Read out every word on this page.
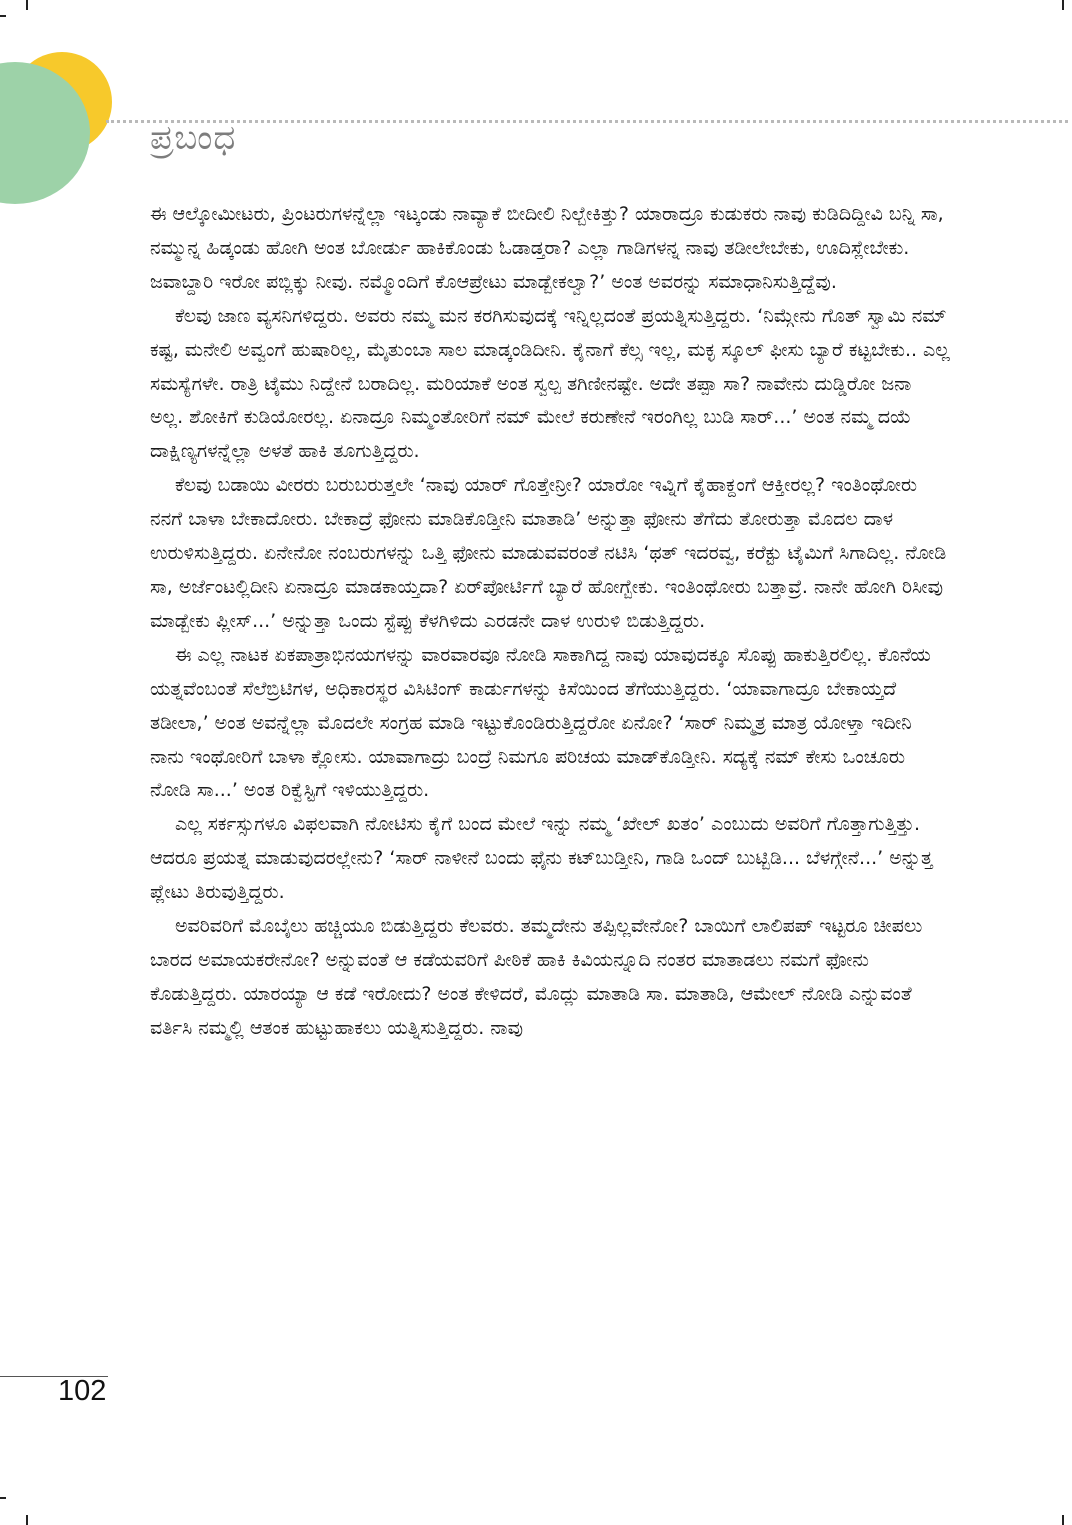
ಪ್ರಬಂಧ

ಈ ಆಲ್ಕೋಮೀಟರು, ಪ್ರಿಂಟರುಗಳನ್ನೆಲ್ಲಾ ಇಟ್ಕಂಡು ನಾವ್ಯಾಕೆ ಬೀದೀಲಿ ನಿಲ್ಬೇಕಿತ್ತು? ಯಾರಾದ್ರೂ ಕುಡುಕರು ನಾವು ಕುಡಿದಿದ್ದೀವಿ ಬನ್ನಿ ಸಾ, ನಮ್ಮುನ್ನ ಹಿಡ್ಕಂಡು ಹೋಗಿ ಅಂತ ಬೋರ್ಡು ಹಾಕಿಕೊಂಡು ಓಡಾಡ್ತರಾ? ಎಲ್ಲಾ ಗಾಡಿಗಳನ್ನ ನಾವು ತಡೀಲೇಬೇಕು, ಊದಿಸ್ಲೇಬೇಕು. ಜವಾಬ್ದಾರಿ ಇರೋ ಪಬ್ಲಿಕ್ಕು ನೀವು. ನಮ್ಮೊಂದಿಗೆ ಕೊಆಪ್ರೇಟು ಮಾಡ್ಬೇಕಲ್ವಾ?’ ಅಂತ ಅವರನ್ನು ಸಮಾಧಾನಿಸುತ್ತಿದ್ದೆವು.

ಕೆಲವು ಜಾಣ ವ್ಯಸನಿಗಳಿದ್ದರು. ಅವರು ನಮ್ಮ ಮನ ಕರಗಿಸುವುದಕ್ಕೆ ಇನ್ನಿಲ್ಲದಂತೆ ಪ್ರಯತ್ನಿಸುತ್ತಿದ್ದರು. ‘ನಿಮ್ಗೇನು ಗೊತ್ ಸ್ವಾಮಿ ನಮ್ ಕಷ್ಟ, ಮನೇಲಿ ಅವ್ವಂಗೆ ಹುಷಾರಿಲ್ಲ, ಮೈತುಂಬಾ ಸಾಲ ಮಾಡ್ಕಂಡಿದೀನಿ. ಕೈನಾಗೆ ಕೆಲ್ಸ ಇಲ್ಲ, ಮಕ್ಳ ಸ್ಕೂಲ್ ಫೀಸು ಬ್ಯಾರೆ ಕಟ್ಟಬೇಕು.. ಎಲ್ಲ ಸಮಸ್ಯೆಗಳೇ. ರಾತ್ರಿ ಟೈಮು ನಿದ್ದೇನೆ ಬರಾದಿಲ್ಲ. ಮರಿಯಾಕೆ ಅಂತ ಸ್ವಲ್ಪ ತಗಿಣೀನಷ್ಟೇ. ಅದೇ ತಪ್ಪಾ ಸಾ? ನಾವೇನು ದುಡ್ಡಿರೋ ಜನಾ ಅಲ್ಲ. ಶೋಕಿಗೆ ಕುಡಿಯೋರಲ್ಲ. ಏನಾದ್ರೂ ನಿಮ್ಮಂತೋರಿಗೆ ನಮ್ ಮೇಲೆ ಕರುಣೇನೆ ಇರಂಗಿಲ್ಲ ಬುಡಿ ಸಾರ್...’ ಅಂತ ನಮ್ಮ ದಯೆ ದಾಕ್ಷಿಣ್ಯಗಳನ್ನೆಲ್ಲಾ ಅಳತೆ ಹಾಕಿ ತೂಗುತ್ತಿದ್ದರು.

ಕೆಲವು ಬಡಾಯಿ ವೀರರು ಬರುಬರುತ್ತಲೇ ‘ನಾವು ಯಾರ್ ಗೊತ್ತೇನ್ರೀ? ಯಾರೋ ಇವ್ನಿಗೆ ಕೈಹಾಕ್ದಂಗೆ ಆಕ್ತೀರಲ್ಲ? ಇಂತಿಂಥೋರು ನನಗೆ ಬಾಳಾ ಬೇಕಾದೋರು. ಬೇಕಾದ್ರೆ ಫೋನು ಮಾಡಿಕೊಡ್ತೀನಿ ಮಾತಾಡಿ’ ಅನ್ನುತ್ತಾ ಫೋನು ತೆಗೆದು ತೋರುತ್ತಾ ಮೊದಲ ದಾಳ ಉರುಳಿಸುತ್ತಿದ್ದರು. ಏನೇನೋ ನಂಬರುಗಳನ್ನು ಒತ್ತಿ ಫೋನು ಮಾಡುವವರಂತೆ ನಟಿಸಿ ‘ಥತ್ ಇದರವ್ವ, ಕರೆಕ್ಟು ಟೈಮಿಗೆ ಸಿಗಾದಿಲ್ಲ. ನೋಡಿ ಸಾ, ಅರ್ಜೆಂಟಲ್ಲಿದೀನಿ ಏನಾದ್ರೂ ಮಾಡಕಾಯ್ತದಾ? ಏರ್‌ಪೋರ್ಟಿಗೆ ಬ್ಯಾರೆ ಹೋಗ್ಬೇಕು. ಇಂತಿಂಥೋರು ಬತ್ತಾವ್ರೆ. ನಾನೇ ಹೋಗಿ ರಿಸೀವು ಮಾಡ್ಬೇಕು ಪ್ಲೀಸ್...’ ಅನ್ನುತ್ತಾ ಒಂದು ಸ್ಟೆಪ್ಪು ಕೆಳಗಿಳಿದು ಎರಡನೇ ದಾಳ ಉರುಳಿ ಬಿಡುತ್ತಿದ್ದರು.

ಈ ಎಲ್ಲ ನಾಟಕ ಏಕಪಾತ್ರಾಭಿನಯಗಳನ್ನು ವಾರವಾರವೂ ನೋಡಿ ಸಾಕಾಗಿದ್ದ ನಾವು ಯಾವುದಕ್ಕೂ ಸೊಪ್ಪು ಹಾಕುತ್ತಿರಲಿಲ್ಲ. ಕೊನೆಯ ಯತ್ನವೆಂಬಂತೆ ಸೆಲೆಬ್ರಿಟಿಗಳ, ಅಧಿಕಾರಸ್ಥರ ವಿಸಿಟಿಂಗ್ ಕಾರ್ಡುಗಳನ್ನು ಕಿಸೆಯಿಂದ ತೆಗೆಯುತ್ತಿದ್ದರು. ‘ಯಾವಾಗಾದ್ರೂ ಬೇಕಾಯ್ತದೆ ತಡೀಲಾ,’ ಅಂತ ಅವನ್ನೆಲ್ಲಾ ಮೊದಲೇ ಸಂಗ್ರಹ ಮಾಡಿ ಇಟ್ಟುಕೊಂಡಿರುತ್ತಿದ್ದರೋ ಏನೋ? ‘ಸಾರ್ ನಿಮ್ಮತ್ರ ಮಾತ್ರ ಯೋಳ್ತಾ ಇದೀನಿ ನಾನು ಇಂಥೋರಿಗೆ ಬಾಳಾ ಕ್ಲೋಸು. ಯಾವಾಗಾದ್ರು ಬಂದ್ರೆ ನಿಮಗೂ ಪರಿಚಯ ಮಾಡ್‌ಕೊಡ್ತೀನಿ. ಸದ್ಯಕ್ಕೆ ನಮ್ ಕೇಸು ಒಂಚೂರು ನೋಡಿ ಸಾ...’ ಅಂತ ರಿಕ್ವೆಸ್ಟಿಗೆ ಇಳಿಯುತ್ತಿದ್ದರು.

ಎಲ್ಲ ಸರ್ಕಸ್ಸುಗಳೂ ವಿಫಲವಾಗಿ ನೋಟಿಸು ಕೈಗೆ ಬಂದ ಮೇಲೆ ಇನ್ನು ನಮ್ಮ ‘ಖೇಲ್ ಖತಂ’ ಎಂಬುದು ಅವರಿಗೆ ಗೊತ್ತಾಗುತ್ತಿತ್ತು. ಆದರೂ ಪ್ರಯತ್ನ ಮಾಡುವುದರಲ್ಲೇನು? ‘ಸಾರ್ ನಾಳೀನೆ ಬಂದು ಫೈನು ಕಟ್‌ಬುಡ್ತೀನಿ, ಗಾಡಿ ಒಂದ್ ಬುಟ್ಬಿಡಿ... ಬೆಳಗ್ಗೇನೆ...’ ಅನ್ನುತ್ತ ಪ್ಲೇಟು ತಿರುವುತ್ತಿದ್ದರು.

ಅವರಿವರಿಗೆ ಮೊಬೈಲು ಹಚ್ಚಿಯೂ ಬಿಡುತ್ತಿದ್ದರು ಕೆಲವರು. ತಮ್ಮದೇನು ತಪ್ಪಿಲ್ಲವೇನೋ? ಬಾಯಿಗೆ ಲಾಲಿಪಪ್ ಇಟ್ಟರೂ ಚೀಪಲು ಬಾರದ ಅಮಾಯಕರೇನೋ? ಅನ್ನುವಂತೆ ಆ ಕಡೆಯವರಿಗೆ ಪೀಠಿಕೆ ಹಾಕಿ ಕಿವಿಯನ್ನೂದಿ ನಂತರ ಮಾತಾಡಲು ನಮಗೆ ಫೋನು ಕೊಡುತ್ತಿದ್ದರು. ಯಾರಯ್ಯಾ ಆ ಕಡೆ ಇರೋದು? ಅಂತ ಕೇಳಿದರೆ, ಮೊದ್ಲು ಮಾತಾಡಿ ಸಾ. ಮಾತಾಡಿ, ಆಮೇಲ್ ನೋಡಿ ಎನ್ನುವಂತೆ ವರ್ತಿಸಿ ನಮ್ಮಲ್ಲಿ ಆತಂಕ ಹುಟ್ಟುಹಾಕಲು ಯತ್ನಿಸುತ್ತಿದ್ದರು. ನಾವು

102
